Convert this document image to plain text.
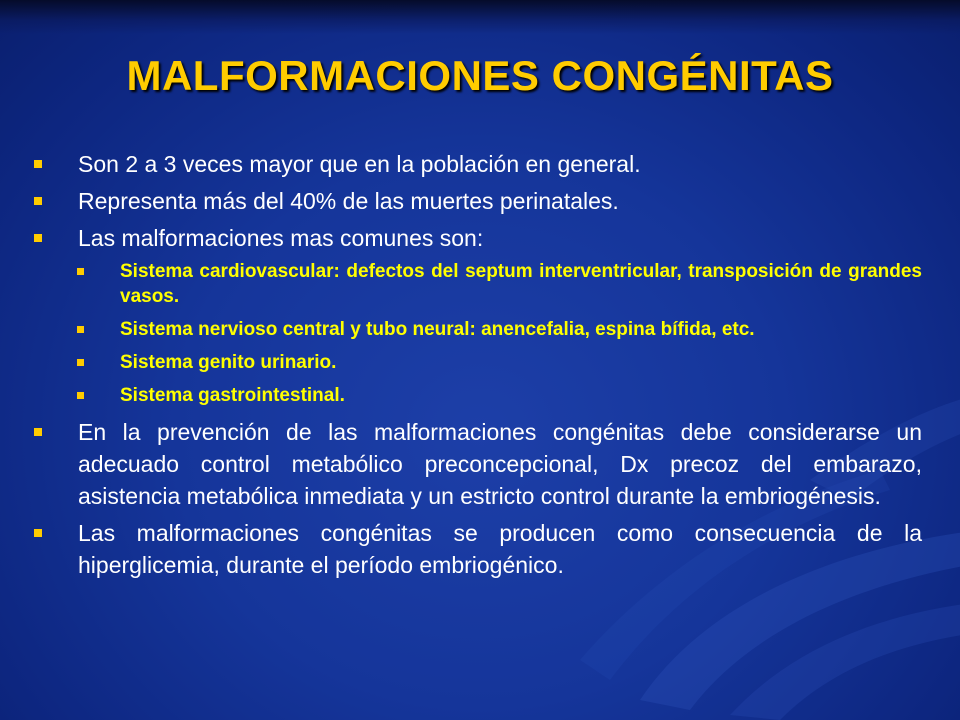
MALFORMACIONES CONGÉNITAS
Son 2 a 3 veces mayor que en la población en general.
Representa más del 40% de las muertes perinatales.
Las malformaciones mas comunes son:
Sistema cardiovascular: defectos del septum interventricular, transposición de grandes vasos.
Sistema nervioso central y tubo neural: anencefalia, espina bífida, etc.
Sistema genito urinario.
Sistema gastrointestinal.
En la prevención de las malformaciones congénitas debe considerarse un adecuado control metabólico preconcepcional, Dx precoz del embarazo, asistencia metabólica inmediata y un estricto control durante la embriogénesis.
Las malformaciones congénitas se producen como consecuencia de la hiperglicemia, durante el período embriogénico.
